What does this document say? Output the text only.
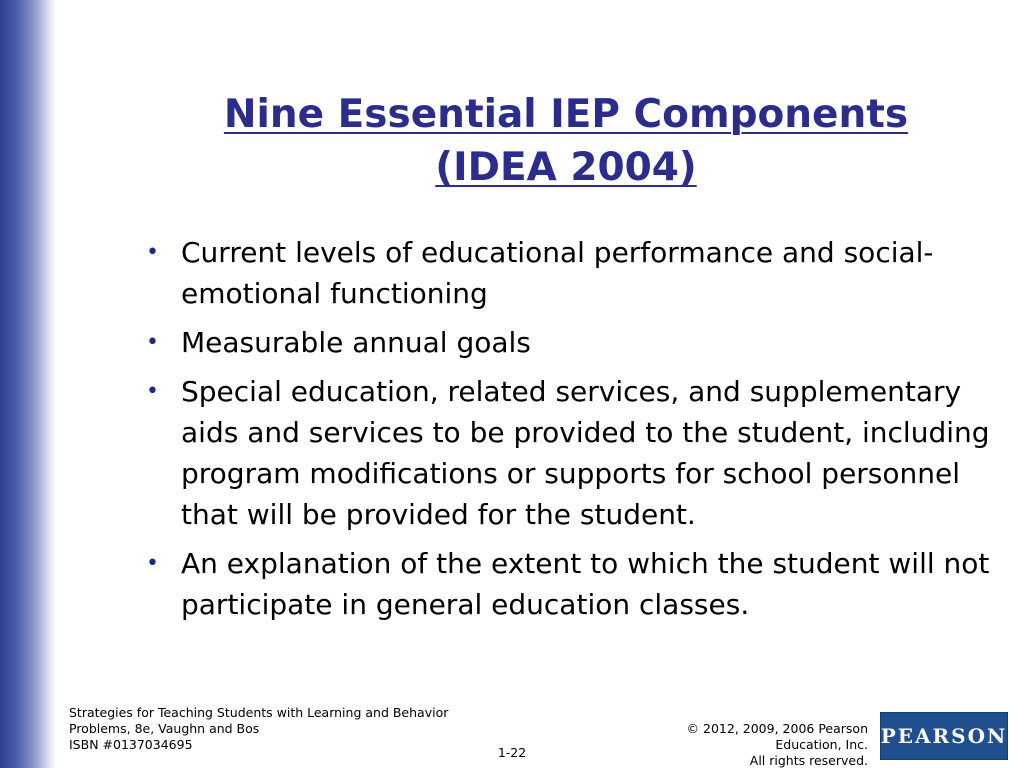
Nine Essential IEP Components (IDEA 2004)
• Current levels of educational performance and social-emotional functioning
• Measurable annual goals
• Special education, related services, and supplementary aids and services to be provided to the student, including program modifications or supports for school personnel that will be provided for the student.
• An explanation of the extent to which the student will not participate in general education classes.
Strategies for Teaching Students with Learning and Behavior
Problems, 8e, Vaughn and Bos
ISBN #0137034695
1-22
© 2012, 2009, 2006 Pearson
Education, Inc.
All rights reserved.
PEARSON
